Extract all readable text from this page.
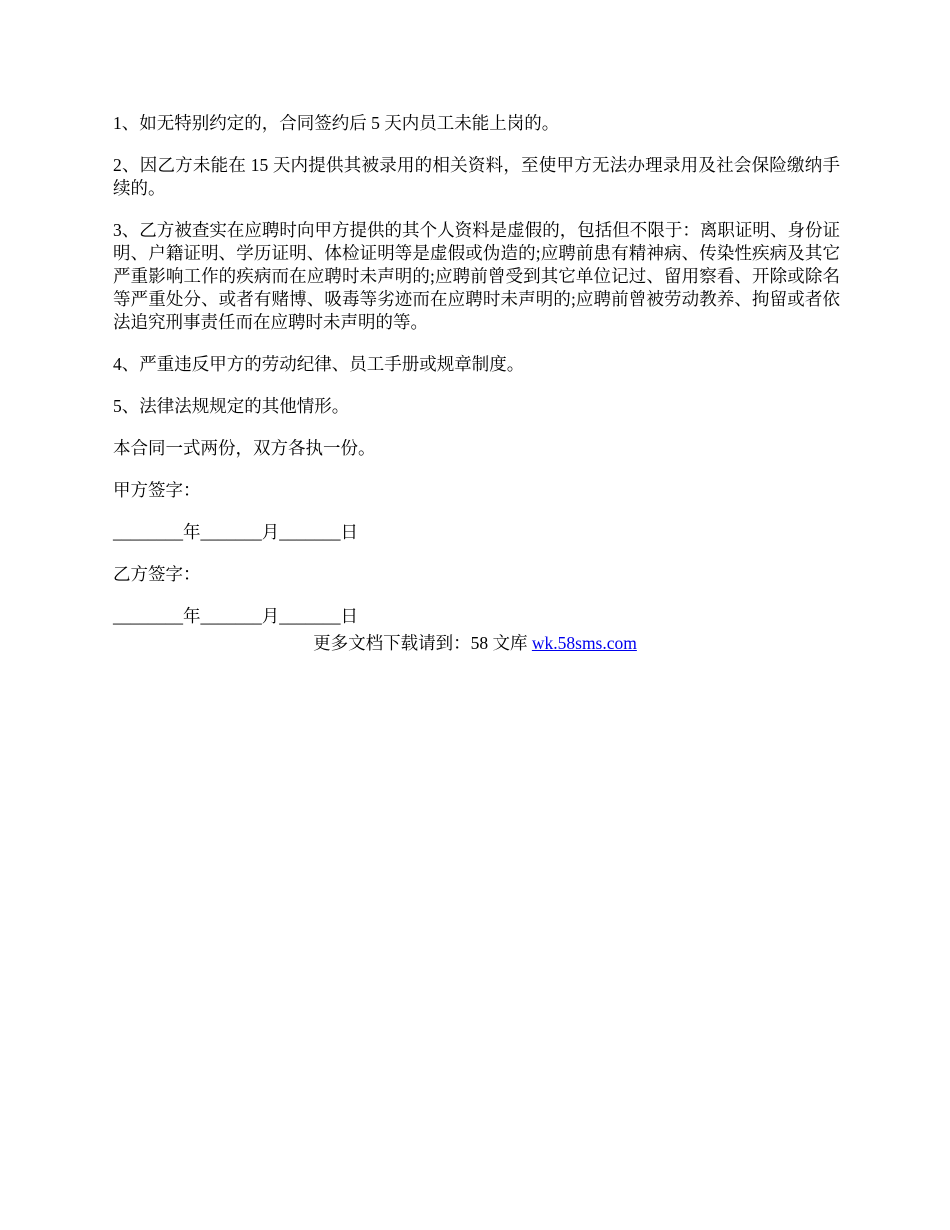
1、如无特别约定的，合同签约后 5 天内员工未能上岗的。

2、因乙方未能在 15 天内提供其被录用的相关资料，至使甲方无法办理录用及社会保险缴纳手续的。

3、乙方被查实在应聘时向甲方提供的其个人资料是虚假的，包括但不限于：离职证明、身份证明、户籍证明、学历证明、体检证明等是虚假或伪造的;应聘前患有精神病、传染性疾病及其它严重影响工作的疾病而在应聘时未声明的;应聘前曾受到其它单位记过、留用察看、开除或除名等严重处分、或者有赌博、吸毒等劣迹而在应聘时未声明的;应聘前曾被劳动教养、拘留或者依法追究刑事责任而在应聘时未声明的等。

4、严重违反甲方的劳动纪律、员工手册或规章制度。

5、法律法规规定的其他情形。

本合同一式两份，双方各执一份。

甲方签字：

________年_______月_______日

乙方签字：

________年_______月_______日

更多文档下载请到：58 文库 wk.58sms.com
